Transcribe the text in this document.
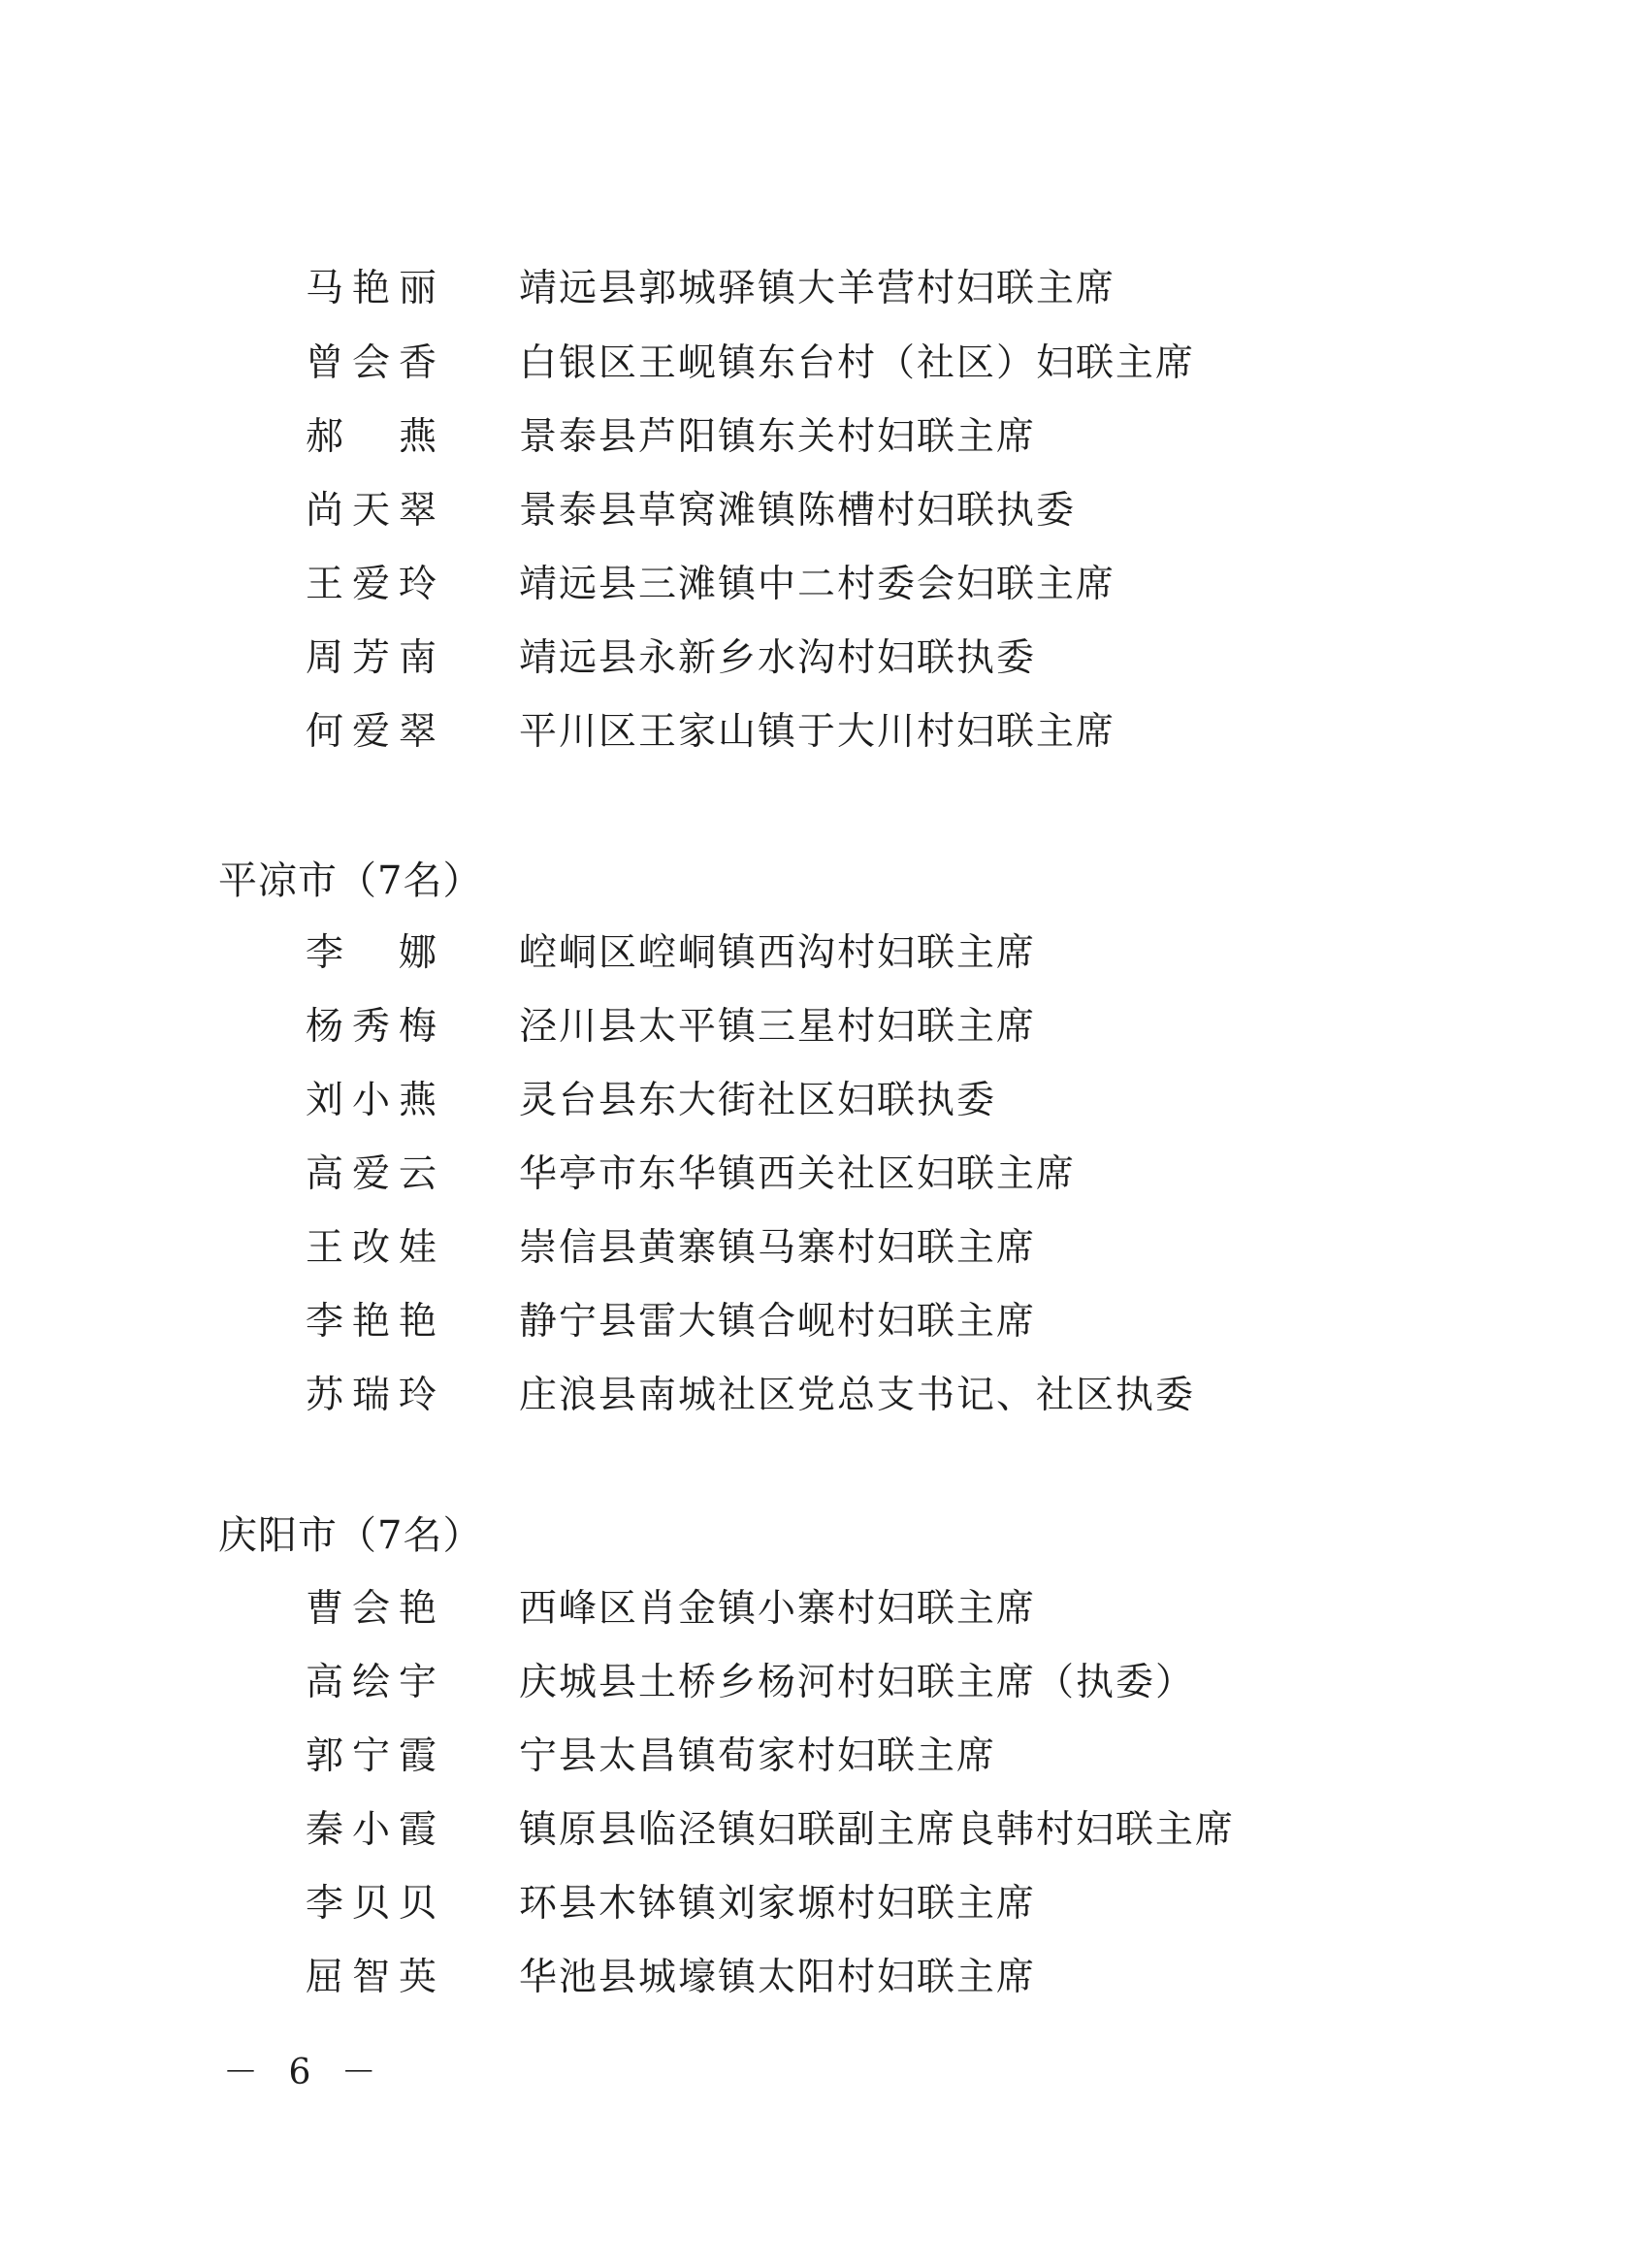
马艳丽 靖远县郭城驿镇大羊营村妇联主席
曾会香 白银区王岘镇东台村（社区）妇联主席
郝 燕 景泰县芦阳镇东关村妇联主席
尚天翠 景泰县草窝滩镇陈槽村妇联执委
王爱玲 靖远县三滩镇中二村委会妇联主席
周芳南 靖远县永新乡水沟村妇联执委
何爱翠 平川区王家山镇于大川村妇联主席
平凉市（7名）
李 娜 崆峒区崆峒镇西沟村妇联主席
杨秀梅 泾川县太平镇三星村妇联主席
刘小燕 灵台县东大街社区妇联执委
高爱云 华亭市东华镇西关社区妇联主席
王改娃 崇信县黄寨镇马寨村妇联主席
李艳艳 静宁县雷大镇合岘村妇联主席
苏瑞玲 庄浪县南城社区党总支书记、社区执委
庆阳市（7名）
曹会艳 西峰区肖金镇小寨村妇联主席
高绘宇 庆城县土桥乡杨河村妇联主席（执委）
郭宁霞 宁县太昌镇荀家村妇联主席
秦小霞 镇原县临泾镇妇联副主席良韩村妇联主席
李贝贝 环县木钵镇刘家塬村妇联主席
屈智英 华池县城壕镇太阳村妇联主席
－ 6 －
